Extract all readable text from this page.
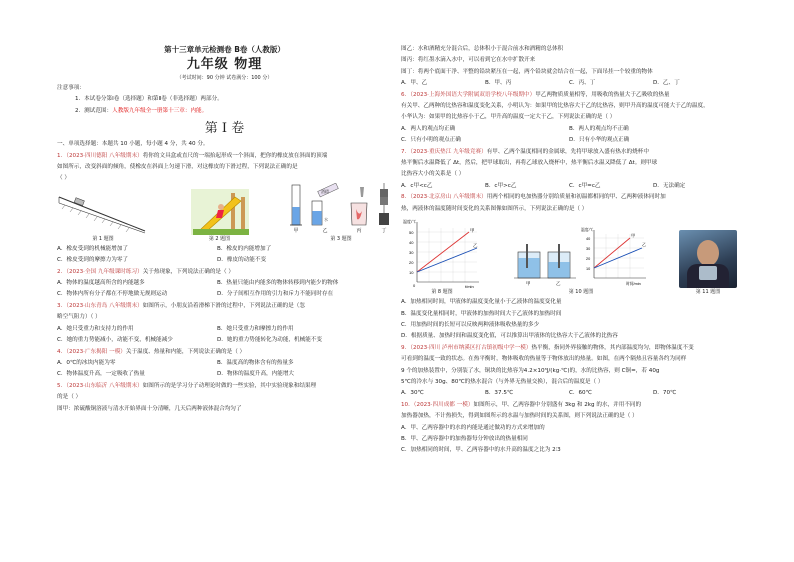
第十三章单元检测卷 B卷（人教版）
九年级 物理
（考试时间：90 分钟 试卷满分：100 分）
注意事项：
1．本试卷分第Ⅰ卷（选择题）和第Ⅱ卷（非选择题）两部分。
2．测试范围：人教版九年级全一册第十三章：内能。
第 Ⅰ 卷
一、单项选择题：本题共 10 小题，每小题 4 分，共 40 分。
1．（2023·四川德阳 八年级期末）将你的文具盒或直尺的一端抬起形成一个斜面，把你的橡皮放在斜面的顶端
如图所示，改变斜面的倾角，使橡皮在斜面上匀速下滑，对这橡皮的下滑过程，下列说法正确的是
（ ）
第 1 题图	第 2 题图
甲
酒精
水
乙	丙	丁
第 3 题图
A．橡皮受到的机械能增加了	B．橡皮的内能增加了
C．橡皮受到的摩擦力为零了	D．橡皮的动能不变
2．（2023·全国 九年级课时练习）关于热现象，下列说法正确的是（ ）
A．物体的温度越高所含的内能越多	B．热量只能由内能多的物体转移到内能少的物体
C．物体内所有分子都在不停地做无规则运动	D．分子间相互作用的引力和斥力不能同时存在
3．（2023·山东青岛 八年级期末）如图所示，小朋友沿着滑梯下滑的过程中，下列说法正确的是（忽
略空气阻力）（ ）
A．她只受重力和支持力的作用	B．她只受重力和摩擦力的作用
C．她的重力势能减小，动能不变，机械能减少	D．她的重力势能转化为动能，机械能不变
4．（2023·广东揭阳 一模）关于温度、热量和内能，下列说法正确的是（ ）
A．0℃的冰块内能为零	B．温度高的物体含有的热量多
C．物体温度升高，一定吸收了热量	D．物体的温度升高，内能增大
5．（2023·山东临沂 八年级期末）如图所示的是学习分子动理论时做的一些实验，其中实验现象和结果理
的是（ ）
图甲：浓硫酸铜溶液与清水开始界面十分清晰，几天后两种液体混合均匀了
图乙：水和酒精充分混合后，总体积小于混合前水和酒精的总体积
图丙：将红墨水滴入水中，可以看到它在水中扩散开来
图丁：将两个底面干净、平整的铅块紧压在一起，两个铅块就会结合在一起，下面吊挂一个较重的物体
A．甲、乙	B．甲、丙	C．丙、丁	D．乙、丁
6．（2023·上海外国语大学附属双语学校八年级期中）甲乙两物质质量相等，用吸收的热量大于乙吸收的热量
有关甲、乙两种的比热容和温度变化关系，小明认为：如果甲的比热容大于乙的比热容，则甲升高的温度可能大于乙的温度，
小华认为：如果甲的比热容小于乙，甲升高的温度一定大于乙，下列说法正确的是（ ）
A．两人的观点均正确	B．两人的观点均不正确
C．只有小明的观点正确	D．只有小华的观点正确
7．（2023·重庆垫江 九年级竞赛）有甲、乙两个温度相同的金属球，先将甲球放入盛有热水的烧杯中
热平衡后水温降低了 Δt，然后，把甲球取出，再将乙球放入烧杯中，热平衡后水温又降低了 Δt。则甲球
比热容大小的关系是（ ）
A．c甲<c乙	B．c甲>c乙	C．c甲=c乙	D．无法确定
8．（2023·北京房山 八年级期末）用两个相同的电加热器分别给质量和初温都相同的甲、乙两种液体同时加
热，两液体的温度随时间变化的关系图像如图所示，下列说法正确的是（ ）
温度/℃
t/min
50
40
30
20
10
0
甲
乙
第 8 题图
甲	乙
温度/℃
时间/min
40
30
20
10
甲
乙
第 10 题图	第 11 题图
A．加热相同时间，甲液体的温度变化量小于乙液体的温度变化量
B．温度变化量相同时，甲液体的加热时间大于乙液体的加热时间
C．用加热时间的长短可以反映两种液体吸收热量的多少
D．根据质量、加热时间和温度变化值，可以推算出甲液体的比热容大于乙液体的比热容
9．（2023·四川 泸州市纳溪区打古镇初级中学一模）热平衡，指同外界接触的物体，其内部温度均匀，即物体温度不变
可看到的温度一致的状态。在热平衡时，物体吸收的热量等于物体放出的热量。如图，在两个隔热且容量各约为同样
9 个的加热装置中，分别装了水，铜块的比热容为4.2×10³J/(kg·℃)的，水的比热容，则 C铜=，若 40g
5℃的冷水与 30g、80℃的热水混合（与外界无热量交换），混合后的温度是（ ）
A．30℃	B．37.5℃	C．60℃	D．70℃
10．（2023·四川成都 一模）如图所示，甲、乙两容器中分别盛有 3kg 和 2kg 的水，并用不同的
加热器加热，不计热损失，得到如图所示的水温与加热时间的关系图，则下列说法正确的是（ ）
A．甲、乙两容器中的水的内能是通过做功的方式来增加的
B．甲、乙两容器中的加热器每分钟放出的热量相同
C．加热相同的时间，甲、乙两容器中的水升高的温度之比为 2∶3
